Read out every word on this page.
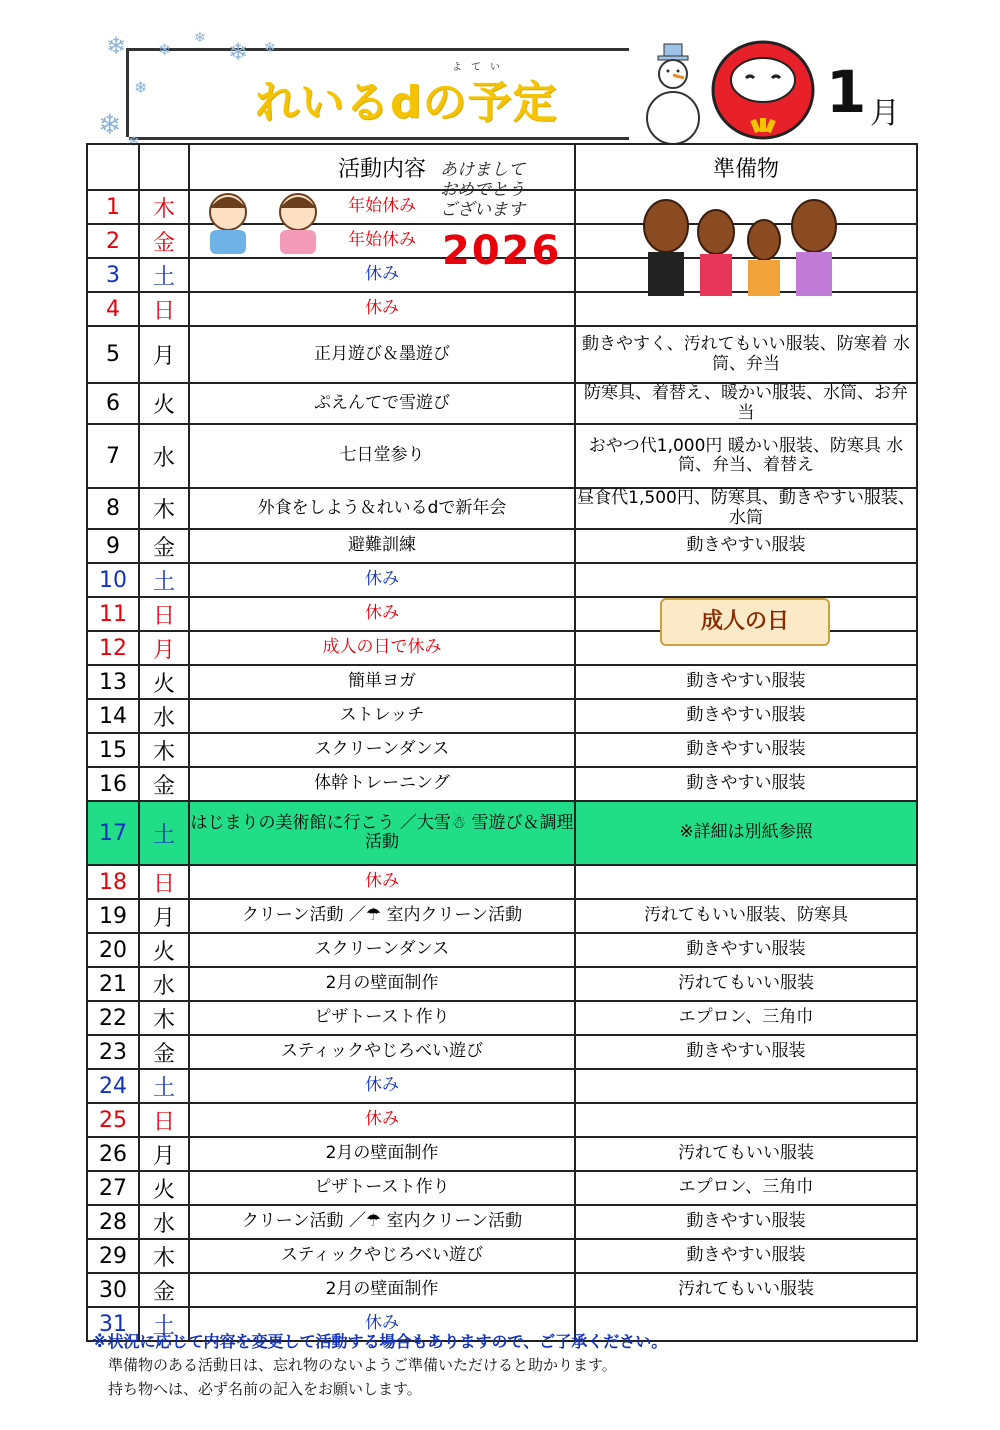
❄ ❄
❄ ❄ ❄
❄
❄
❄
よてい
れいるdの予定	1 月
		活動内容	準備物
1	木	年始休み	
2	金	年始休み	
3	土	休み	
4	日	休み	
5	月	正月遊び＆墨遊び	動きやすく、汚れてもいい服装、防寒着 水筒、弁当
6	火	ぷえんてで雪遊び	防寒具、着替え、暖かい服装、水筒、お弁当
7	水	七日堂参り	おやつ代1,000円 暖かい服装、防寒具 水筒、弁当、着替え
8	木	外食をしよう＆れいるdで新年会	昼食代1,500円、防寒具、動きやすい服装、水筒
9	金	避難訓練	動きやすい服装
10	土	休み	
11	日	休み	
12	月	成人の日で休み	
13	火	簡単ヨガ	動きやすい服装
14	水	ストレッチ	動きやすい服装
15	木	スクリーンダンス	動きやすい服装
16	金	体幹トレーニング	動きやすい服装
17	土	はじまりの美術館に行こう ／大雪☃ 雪遊び＆調理活動	※詳細は別紙参照
18	日	休み	
19	月	クリーン活動 ／☂ 室内クリーン活動	汚れてもいい服装、防寒具
20	火	スクリーンダンス	動きやすい服装
21	水	2月の壁面制作	汚れてもいい服装
22	木	ピザトースト作り	エプロン、三角巾
23	金	スティックやじろべい遊び	動きやすい服装
24	土	休み	
25	日	休み	
26	月	2月の壁面制作	汚れてもいい服装
27	火	ピザトースト作り	エプロン、三角巾
28	水	クリーン活動 ／☂ 室内クリーン活動	動きやすい服装
29	木	スティックやじろべい遊び	動きやすい服装
30	金	2月の壁面制作	汚れてもいい服装
31	土	休み	
あけまして
おめでとう
ございます
2026
成人の日
※状況に応じて内容を変更して活動する場合もありますので、ご了承ください。
準備物のある活動日は、忘れ物のないようご準備いただけると助かります。
持ち物へは、必ず名前の記入をお願いします。
